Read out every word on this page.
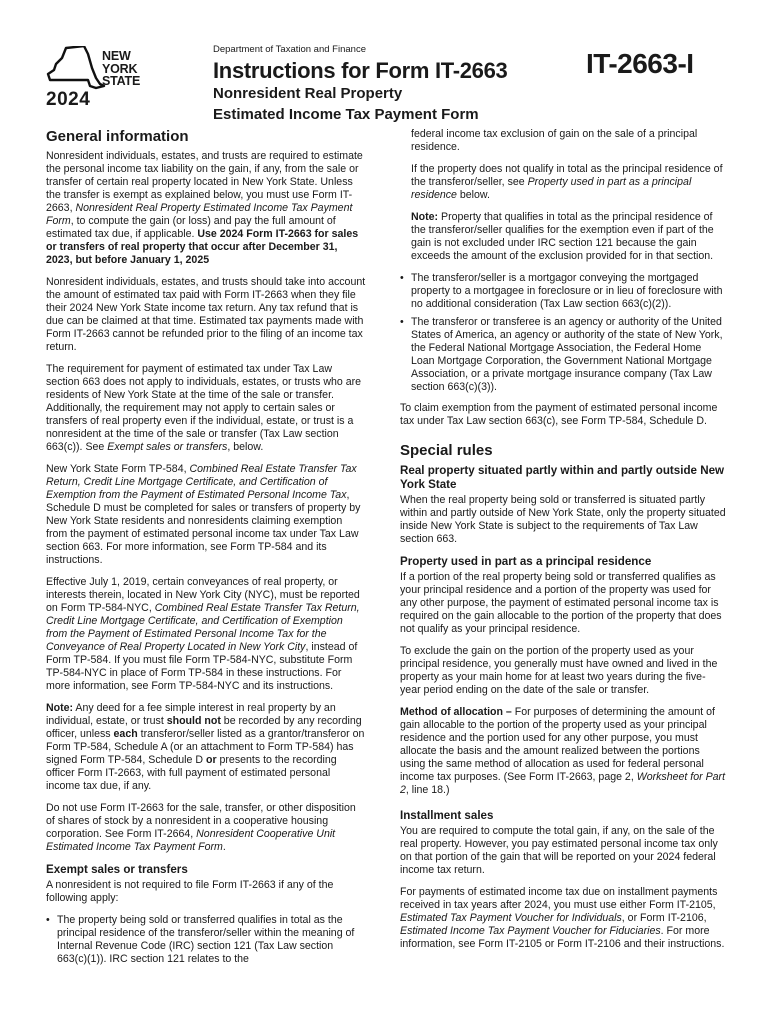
NEW
YORK
STATE
2024
Department of Taxation and Finance
Instructions for Form IT-2663	IT-2663-I
Nonresident Real Property
Estimated Income Tax Payment Form
General information

Nonresident individuals, estates, and trusts are required to estimate the personal income tax liability on the gain, if any, from the sale or transfer of certain real property located in New York State. Unless the transfer is exempt as explained below, you must use Form IT-2663, Nonresident Real Property Estimated Income Tax Payment Form, to compute the gain (or loss) and pay the full amount of estimated tax due, if applicable. Use 2024 Form IT-2663 for sales or transfers of real property that occur after December 31, 2023, but before January 1, 2025

Nonresident individuals, estates, and trusts should take into account the amount of estimated tax paid with Form IT-2663 when they file their 2024 New York State income tax return. Any tax refund that is due can be claimed at that time. Estimated tax payments made with Form IT-2663 cannot be refunded prior to the filing of an income tax return.

The requirement for payment of estimated tax under Tax Law section 663 does not apply to individuals, estates, or trusts who are residents of New York State at the time of the sale or transfer. Additionally, the requirement may not apply to certain sales or transfers of real property even if the individual, estate, or trust is a nonresident at the time of the sale or transfer (Tax Law section 663(c)). See Exempt sales or transfers, below.

New York State Form TP-584, Combined Real Estate Transfer Tax Return, Credit Line Mortgage Certificate, and Certification of Exemption from the Payment of Estimated Personal Income Tax, Schedule D must be completed for sales or transfers of property by New York State residents and nonresidents claiming exemption from the payment of estimated personal income tax under Tax Law section 663. For more information, see Form TP-584 and its instructions.

Effective July 1, 2019, certain conveyances of real property, or interests therein, located in New York City (NYC), must be reported on Form TP-584-NYC, Combined Real Estate Transfer Tax Return, Credit Line Mortgage Certificate, and Certification of Exemption from the Payment of Estimated Personal Income Tax for the Conveyance of Real Property Located in New York City, instead of Form TP-584. If you must file Form TP-584-NYC, substitute Form TP-584-NYC in place of Form TP-584 in these instructions. For more information, see Form TP-584-NYC and its instructions.

Note: Any deed for a fee simple interest in real property by an individual, estate, or trust should not be recorded by any recording officer, unless each transferor/seller listed as a grantor/transferor on Form TP-584, Schedule A (or an attachment to Form TP-584) has signed Form TP-584, Schedule D or presents to the recording officer Form IT-2663, with full payment of estimated personal income tax due, if any.

Do not use Form IT-2663 for the sale, transfer, or other disposition of shares of stock by a nonresident in a cooperative housing corporation. See Form IT-2664, Nonresident Cooperative Unit Estimated Income Tax Payment Form.

Exempt sales or transfers

A nonresident is not required to file Form IT-2663 if any of the following apply:

• The property being sold or transferred qualifies in total as the principal residence of the transferor/seller within the meaning of Internal Revenue Code (IRC) section 121 (Tax Law section 663(c)(1)). IRC section 121 relates to the

federal income tax exclusion of gain on the sale of a principal residence.

If the property does not qualify in total as the principal residence of the transferor/seller, see Property used in part as a principal residence below.

Note: Property that qualifies in total as the principal residence of the transferor/seller qualifies for the exemption even if part of the gain is not excluded under IRC section 121 because the gain exceeds the amount of the exclusion provided for in that section.

• The transferor/seller is a mortgagor conveying the mortgaged property to a mortgagee in foreclosure or in lieu of foreclosure with no additional consideration (Tax Law section 663(c)(2)).
• The transferor or transferee is an agency or authority of the United States of America, an agency or authority of the state of New York, the Federal National Mortgage Association, the Federal Home Loan Mortgage Corporation, the Government National Mortgage Association, or a private mortgage insurance company (Tax Law section 663(c)(3)).

To claim exemption from the payment of estimated personal income tax under Tax Law section 663(c), see Form TP-584, Schedule D.

Special rules
Real property situated partly within and partly outside New York State

When the real property being sold or transferred is situated partly within and partly outside of New York State, only the property situated inside New York State is subject to the requirements of Tax Law section 663.

Property used in part as a principal residence

If a portion of the real property being sold or transferred qualifies as your principal residence and a portion of the property was used for any other purpose, the payment of estimated personal income tax is required on the gain allocable to the portion of the property that does not qualify as your principal residence.

To exclude the gain on the portion of the property used as your principal residence, you generally must have owned and lived in the property as your main home for at least two years during the five-year period ending on the date of the sale or transfer.

Method of allocation – For purposes of determining the amount of gain allocable to the portion of the property used as your principal residence and the portion used for any other purpose, you must allocate the basis and the amount realized between the portions using the same method of allocation as used for federal personal income tax purposes. (See Form IT-2663, page 2, Worksheet for Part 2, line 18.)

Installment sales

You are required to compute the total gain, if any, on the sale of the real property. However, you pay estimated personal income tax only on that portion of the gain that will be reported on your 2024 federal income tax return.

For payments of estimated income tax due on installment payments received in tax years after 2024, you must use either Form IT-2105, Estimated Tax Payment Voucher for Individuals, or Form IT-2106, Estimated Income Tax Payment Voucher for Fiduciaries. For more information, see Form IT-2105 or Form IT-2106 and their instructions.
